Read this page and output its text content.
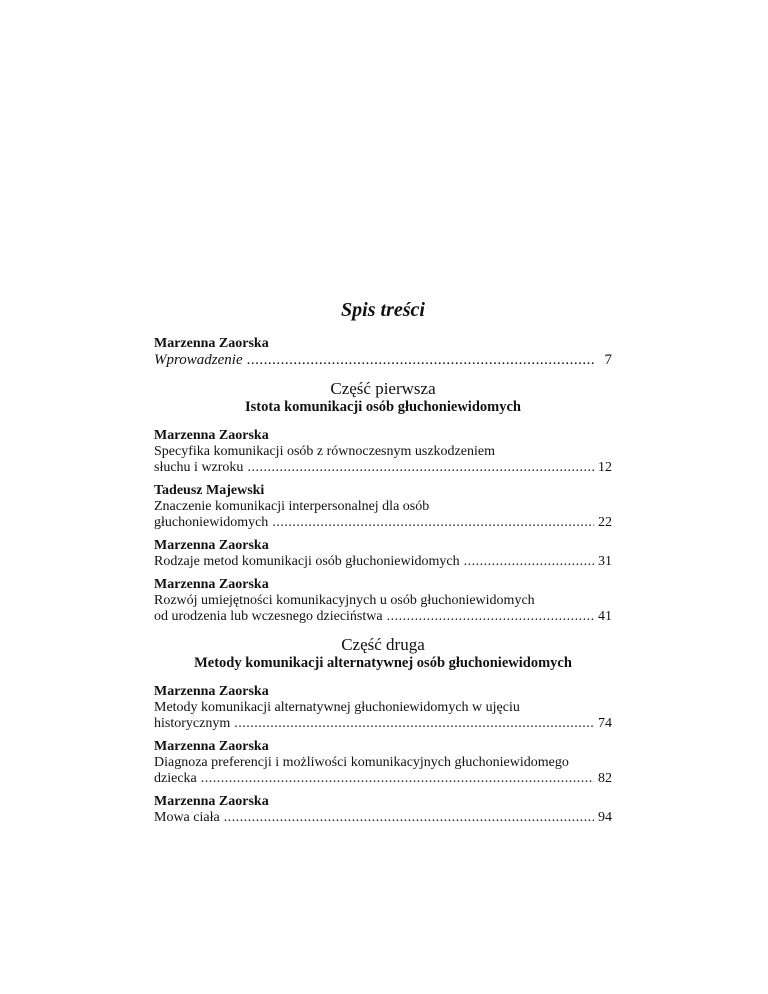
Spis treści
Marzenna Zaorska
Wprowadzenie .....	7
Część pierwsza
Istota komunikacji osób głuchoniewidomych
Marzenna Zaorska
Specyfika komunikacji osób z równoczesnym uszkodzeniem
słuchu i wzroku .....	12
Tadeusz Majewski
Znaczenie komunikacji interpersonalnej dla osób
głuchoniewidomych .....	22
Marzenna Zaorska
Rodzaje metod komunikacji osób głuchoniewidomych .....	31
Marzenna Zaorska
Rozwój umiejętności komunikacyjnych u osób głuchoniewidomych
od urodzenia lub wczesnego dzieciństwa .....	41
Część druga
Metody komunikacji alternatywnej osób głuchoniewidomych
Marzenna Zaorska
Metody komunikacji alternatywnej głuchoniewidomych w ujęciu
historycznym .....	74
Marzenna Zaorska
Diagnoza preferencji i możliwości komunikacyjnych głuchoniewidomego
dziecka .....	82
Marzenna Zaorska
Mowa ciała .....	94
